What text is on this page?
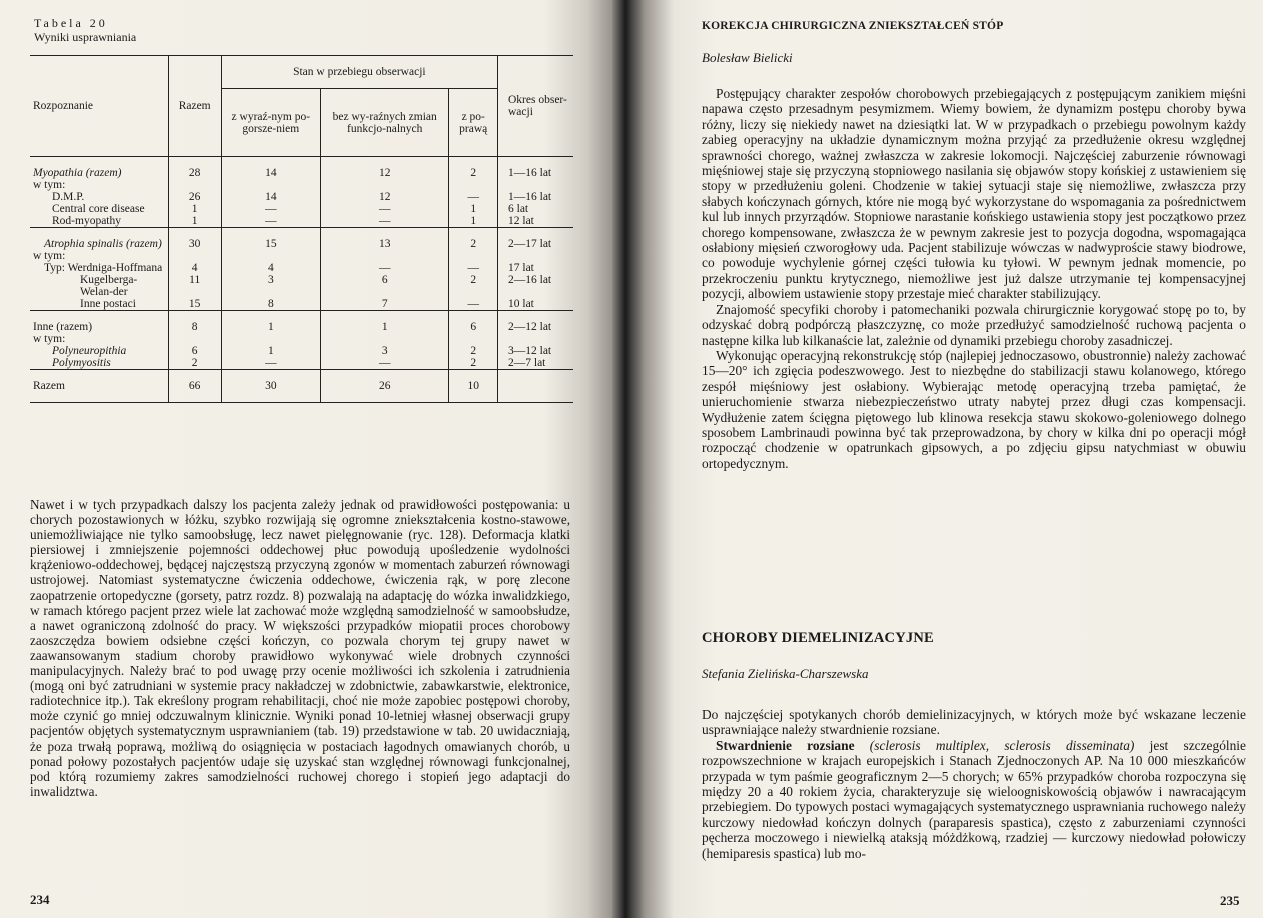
Tabela 20
Wyniki usprawniania
Rozpoznanie	Razem	Stan w przebiegu obserwacji			Okres obser-wacji
		z wyraź-nym po-gorsze-niem	bez wy-raźnych zmian funkcjo-nalnych	z po-prawą	
Myopathia (razem)	28	14	12	2	1—16 lat
w tym:					
D.M.P.	26	14	12	—	1—16 lat
Central core disease	1	—	—	1	6 lat
Rod-myopathy	1	—	—	1	12 lat
Atrophia spinalis (razem)	30	15	13	2	2—17 lat
w tym:					
Typ: Werdniga-Hoffmana	4	4	—	—	17 lat
Kugelberga-Welan-der	11	3	6	2	2—16 lat
Inne postaci	15	8	7	—	10 lat
Inne (razem)	8	1	1	6	2—12 lat
w tym:					
Polyneuropithia	6	1	3	2	3—12 lat
Polymyositis	2	—	—	2	2—7 lat
Razem	66	30	26	10	

Nawet i w tych przypadkach dalszy los pacjenta zależy jednak od prawidłowości postępowania: u chorych pozostawionych w łóżku, szybko rozwijają się ogromne zniekształcenia kostno-stawowe, uniemożliwiające nie tylko samoobsługę, lecz nawet pielęgnowanie (ryc. 128). Deformacja klatki piersiowej i zmniejszenie pojemności oddechowej płuc powodują upośledzenie wydolności krążeniowo-oddechowej, będącej najczęstszą przyczyną zgonów w momentach zaburzeń równowagi ustrojowej. Natomiast systematyczne ćwiczenia oddechowe, ćwiczenia rąk, w porę zlecone zaopatrzenie ortopedyczne (gorsety, patrz rozdz. 8) pozwalają na adaptację do wózka inwalidzkiego, w ramach którego pacjent przez wiele lat zachować może względną samodzielność w samoobsłudze, a nawet ograniczoną zdolność do pracy. W większości przypadków miopatii proces chorobowy zaoszczędza bowiem odsiebne części kończyn, co pozwala chorym tej grupy nawet w zaawansowanym stadium choroby prawidłowo wykonywać wiele drobnych czynności manipulacyjnych. Należy brać to pod uwagę przy ocenie możliwości ich szkolenia i zatrudnienia (mogą oni być zatrudniani w systemie pracy nakładczej w zdobnictwie, zabawkarstwie, elektronice, radiotechnice itp.). Tak ekreślony program rehabilitacji, choć nie może zapobiec postępowi choroby, może czynić go mniej odczuwalnym klinicznie. Wyniki ponad 10-letniej własnej obserwacji grupy pacjentów objętych systematycznym usprawnianiem (tab. 19) przedstawione w tab. 20 uwidaczniają, że poza trwałą poprawą, możliwą do osiągnięcia w postaciach łagodnych omawianych chorób, u ponad połowy pozostałych pacjentów udaje się uzyskać stan względnej równowagi funkcjonalnej, pod którą rozumiemy zakres samodzielności ruchowej chorego i stopień jego adaptacji do inwalidztwa.

234
KOREKCJA CHIRURGICZNA ZNIEKSZTAŁCEŃ STÓP
Bolesław Bielicki

Postępujący charakter zespołów chorobowych przebiegających z postępującym zanikiem mięśni napawa często przesadnym pesymizmem. Wiemy bowiem, że dynamizm postępu choroby bywa różny, liczy się niekiedy nawet na dziesiątki lat. W w przypadkach o przebiegu powolnym każdy zabieg operacyjny na układzie dynamicznym można przyjąć za przedłużenie okresu względnej sprawności chorego, ważnej zwłaszcza w zakresie lokomocji. Najczęściej zaburzenie równowagi mięśniowej staje się przyczyną stopniowego nasilania się objawów stopy końskiej z ustawieniem się stopy w przedłużeniu goleni. Chodzenie w takiej sytuacji staje się niemożliwe, zwłaszcza przy słabych kończynach górnych, które nie mogą być wykorzystane do wspomagania za pośrednictwem kul lub innych przyrządów. Stopniowe narastanie końskiego ustawienia stopy jest początkowo przez chorego kompensowane, zwłaszcza że w pewnym zakresie jest to pozycja dogodna, wspomagająca osłabiony mięsień czworogłowy uda. Pacjent stabilizuje wówczas w nadwyproście stawy biodrowe, co powoduje wychylenie górnej części tułowia ku tyłowi. W pewnym jednak momencie, po przekroczeniu punktu krytycznego, niemożliwe jest już dalsze utrzymanie tej kompensacyjnej pozycji, albowiem ustawienie stopy przestaje mieć charakter stabilizujący.

Znajomość specyfiki choroby i patomechaniki pozwala chirurgicznie korygować stopę po to, by odzyskać dobrą podpórczą płaszczyznę, co może przedłużyć samodzielność ruchową pacjenta o następne kilka lub kilkanaście lat, zależnie od dynamiki przebiegu choroby zasadniczej.

Wykonując operacyjną rekonstrukcję stóp (najlepiej jednoczasowo, obustronnie) należy zachować 15—20° ich zgięcia podeszwowego. Jest to niezbędne do stabilizacji stawu kolanowego, którego zespół mięśniowy jest osłabiony. Wybierając metodę operacyjną trzeba pamiętać, że unieruchomienie stwarza niebezpieczeństwo utraty nabytej przez długi czas kompensacji. Wydłużenie zatem ścięgna piętowego lub klinowa resekcja stawu skokowo-goleniowego dolnego sposobem Lambrinaudi powinna być tak przeprowadzona, by chory w kilka dni po operacji mógł rozpocząć chodzenie w opatrunkach gipsowych, a po zdjęciu gipsu natychmiast w obuwiu ortopedycznym.

CHOROBY DIEMELINIZACYJNE
Stefania Zielińska-Charszewska

Do najczęściej spotykanych chorób demielinizacyjnych, w których może być wskazane leczenie usprawniające należy stwardnienie rozsiane.

Stwardnienie rozsiane (sclerosis multiplex, sclerosis disseminata) jest szczególnie rozpowszechnione w krajach europejskich i Stanach Zjednoczonych AP. Na 10 000 mieszkańców przypada w tym paśmie geograficznym 2—5 chorych; w 65% przypadków choroba rozpoczyna się między 20 a 40 rokiem życia, charakteryzuje się wieloogniskowością objawów i nawracającym przebiegiem. Do typowych postaci wymagających systematycznego usprawniania ruchowego należy kurczowy niedowład kończyn dolnych (paraparesis spastica), często z zaburzeniami czynności pęcherza moczowego i niewielką ataksją móżdżkową, rzadziej — kurczowy niedowład połowiczy (hemiparesis spastica) lub mo-

235
